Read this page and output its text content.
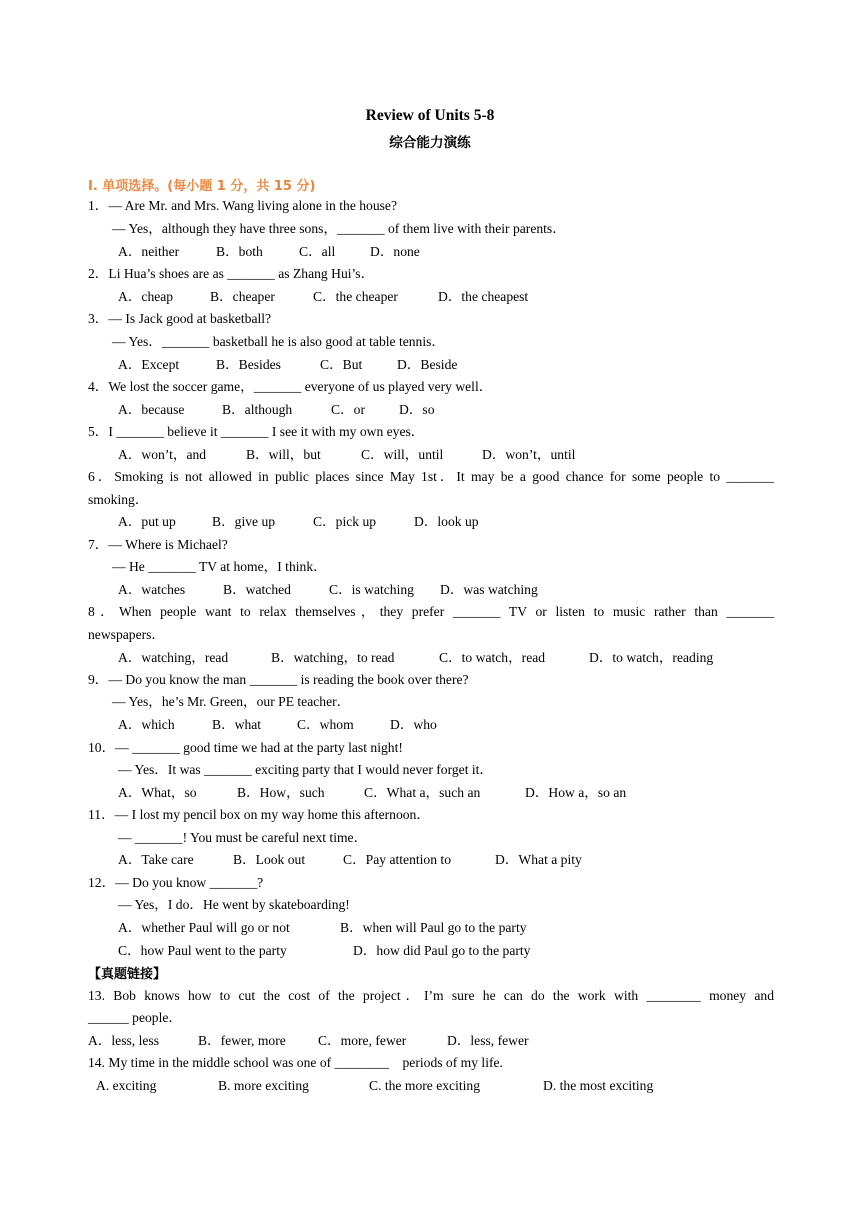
Review of Units 5-8
综合能力演练
I. 单项选择。(每小题 1 分，共 15 分)
1．— Are Mr. and Mrs. Wang living alone in the house?
— Yes，although they have three sons，_______ of them live with their parents．
A．neither	B．both	C．all	D．none
2．Li Hua’s shoes are as _______ as Zhang Hui’s．
A．cheap	B．cheaper	C．the cheaper	D．the cheapest
3．— Is Jack good at basketball?
— Yes．_______ basketball he is also good at table tennis．
A．Except	B．Besides	C．But	D．Beside
4．We lost the soccer game，_______ everyone of us played very well．
A．because	B．although	C．or	D．so
5．I _______ believe it _______ I see it with my own eyes．
A．won’t，and	B．will，but	C．will，until	D．won’t，until
6．Smoking is not allowed in public places since May 1st．It may be a good chance for some people to _______
smoking．
A．put up	B．give up	C．pick up	D．look up
7．— Where is Michael?
— He _______ TV at home，I think．
A．watches	B．watched	C．is watching D．was watching
8．When people want to relax themselves，they prefer _______ TV or listen to music rather than _______
newspapers．
A．watching，read	B．watching，to read	C．to watch，read	D．to watch，reading
9．— Do you know the man _______ is reading the book over there?
— Yes，he’s Mr. Green，our PE teacher．
A．which	B．what	C．whom	D．who
10．— _______ good time we had at the party last night!
— Yes．It was _______ exciting party that I would never forget it．
A．What，so	B．How，such	C．What a，such an	D．How a，so an
11．— I lost my pencil box on my way home this afternoon．
— _______! You must be careful next time．
A．Take care	B．Look out	C．Pay attention to	D．What a pity
12．— Do you know _______?
— Yes，I do．He went by skateboarding!
A．whether Paul will go or not	B．when will Paul go to the party
C．how Paul went to the party	D．how did Paul go to the party
【真题链接】
13. Bob knows how to cut the cost of the project．I’m sure he can do the work with ________ money and
______ people．
A．less, less	B．fewer, more C．more, fewer	D．less, fewer
14. My time in the middle school was one of ________    periods of my life.
A. exciting	B. more exciting	C. the more exciting	D. the most exciting
